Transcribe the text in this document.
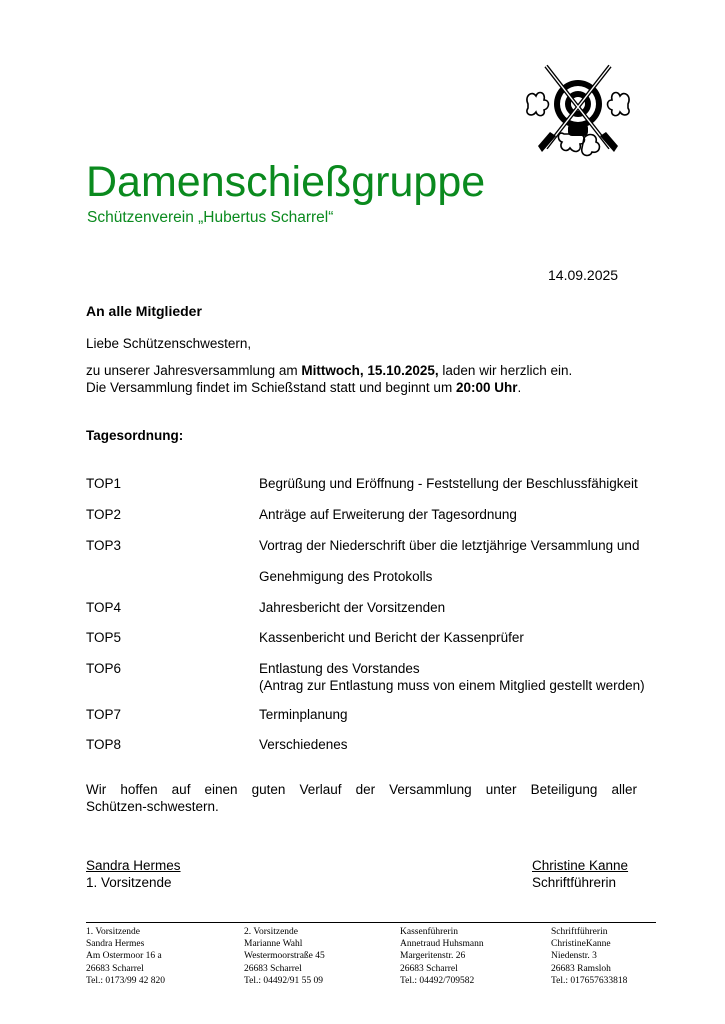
Damenschießgruppe
Schützenverein „Hubertus Scharrel“
14.09.2025
An alle Mitglieder
Liebe Schützenschwestern,
zu unserer Jahresversammlung am Mittwoch, 15.10.2025, laden wir herzlich ein.
Die Versammlung findet im Schießstand statt und beginnt um 20:00 Uhr.
Tagesordnung:
TOP1	Begrüßung und Eröffnung - Feststellung der Beschlussfähigkeit
TOP2	Anträge auf Erweiterung der Tagesordnung
TOP3	Vortrag der Niederschrift über die letztjährige Versammlung und
Genehmigung des Protokolls
TOP4	Jahresbericht der Vorsitzenden
TOP5	Kassenbericht und Bericht der Kassenprüfer
TOP6	Entlastung des Vorstandes
(Antrag zur Entlastung muss von einem Mitglied gestellt werden)
TOP7	Terminplanung
TOP8	Verschiedenes
Wir hoffen auf einen guten Verlauf der Versammlung unter Beteiligung aller
Schützen-schwestern.
Sandra Hermes
1. Vorsitzende
Christine Kanne
Schriftführerin
1. Vorsitzende
Sandra Hermes
Am Ostermoor 16 a
26683 Scharrel
Tel.: 0173/99 42 820
2. Vorsitzende
Marianne Wahl
Westermoorstraße 45
26683 Scharrel
Tel.: 04492/91 55 09
Kassenführerin
Annetraud Huhsmann
Margeritenstr. 26
26683 Scharrel
Tel.: 04492/709582
Schriftführerin
ChristineKanne
Niedenstr. 3
26683 Ramsloh
Tel.: 017657633818
